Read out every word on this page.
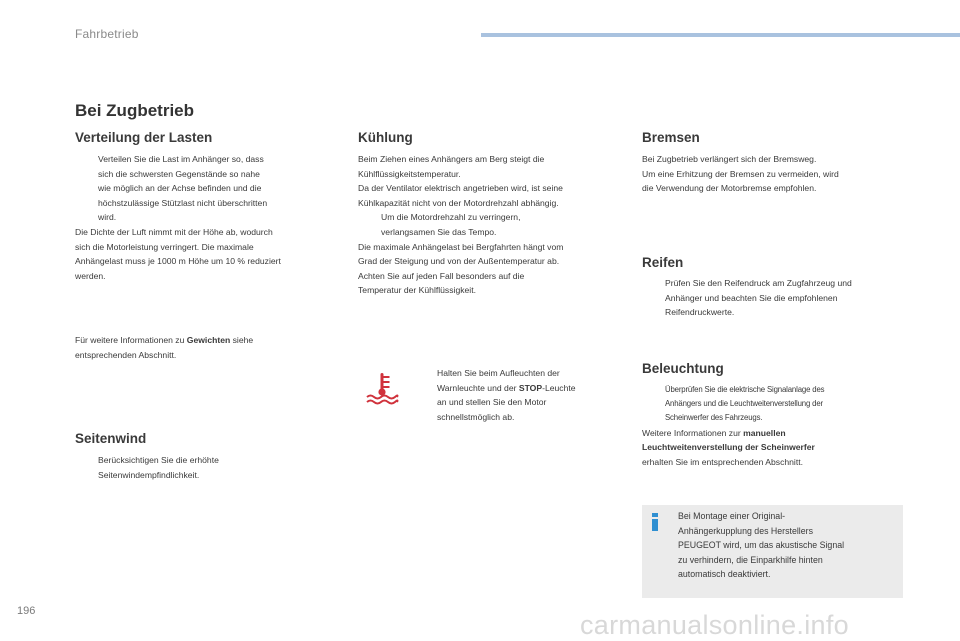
Fahrbetrieb
Bei Zugbetrieb
Verteilung der Lasten

Verteilen Sie die Last im Anhänger so, dass

sich die schwersten Gegenstände so nahe

wie möglich an der Achse befinden und die

höchstzulässige Stützlast nicht überschritten

wird.

Die Dichte der Luft nimmt mit der Höhe ab, wodurch

sich die Motorleistung verringert. Die maximale

Anhängelast muss je 1000 m Höhe um 10 % reduziert

werden.

Für weitere Informationen zu Gewichten siehe

entsprechenden Abschnitt.

Seitenwind

Berücksichtigen Sie die erhöhte

Seitenwindempfindlichkeit.

Kühlung

Beim Ziehen eines Anhängers am Berg steigt die

Kühlflüssigkeitstemperatur.

Da der Ventilator elektrisch angetrieben wird, ist seine

Kühlkapazität nicht von der Motordrehzahl abhängig.

Um die Motordrehzahl zu verringern,

verlangsamen Sie das Tempo.

Die maximale Anhängelast bei Bergfahrten hängt vom

Grad der Steigung und von der Außentemperatur ab.

Achten Sie auf jeden Fall besonders auf die

Temperatur der Kühlflüssigkeit.

Halten Sie beim Aufleuchten der

Warnleuchte und der STOP-Leuchte

an und stellen Sie den Motor

schnellstmöglich ab.

Bremsen

Bei Zugbetrieb verlängert sich der Bremsweg.

Um eine Erhitzung der Bremsen zu vermeiden, wird

die Verwendung der Motorbremse empfohlen.

Reifen

Prüfen Sie den Reifendruck am Zugfahrzeug und

Anhänger und beachten Sie die empfohlenen

Reifendruckwerte.

Beleuchtung

Überprüfen Sie die elektrische Signalanlage des

Anhängers und die Leuchtweitenverstellung der

Scheinwerfer des Fahrzeugs.

Weitere Informationen zur manuellen

Leuchtweitenverstellung der Scheinwerfer

erhalten Sie im entsprechenden Abschnitt.

Bei Montage einer Original-

Anhängerkupplung des Herstellers

PEUGEOT wird, um das akustische Signal

zu verhindern, die Einparkhilfe hinten

automatisch deaktiviert.

196	carmanualsonline.info
